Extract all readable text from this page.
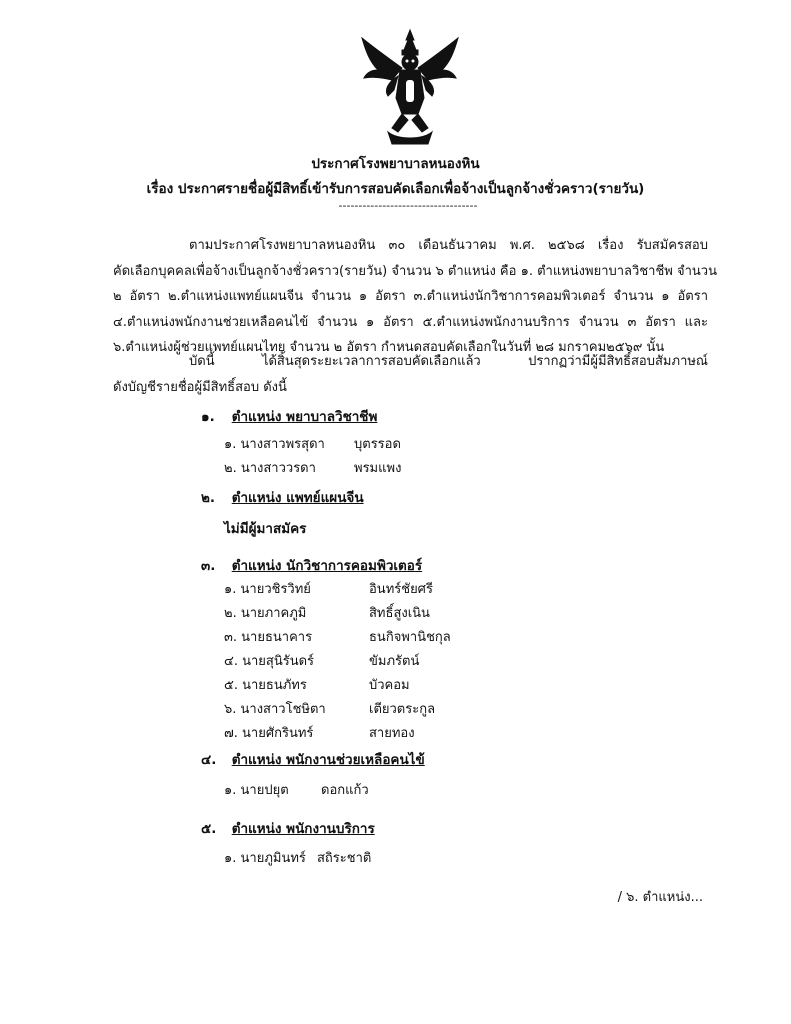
ประกาศโรงพยาบาลหนองหิน
เรื่อง ประกาศรายชื่อผู้มีสิทธิ์เข้ารับการสอบคัดเลือกเพื่อจ้างเป็นลูกจ้างชั่วคราว(รายวัน)
-----------------------------------
ตามประกาศโรงพยาบาลหนองหิน ๓๐ เดือนธันวาคม พ.ศ. ๒๕๖๘ เรื่อง รับสมัครสอบ
คัดเลือกบุคคลเพื่อจ้างเป็นลูกจ้างชั่วคราว(รายวัน) จำนวน ๖ ตำแหน่ง คือ ๑. ตำแหน่งพยาบาลวิชาชีพ จำนวน
๒ อัตรา ๒.ตำแหน่งแพทย์แผนจีน จำนวน ๑ อัตรา ๓.ตำแหน่งนักวิชาการคอมพิวเตอร์ จำนวน ๑ อัตรา
๔.ตำแหน่งพนักงานช่วยเหลือคนไข้ จำนวน ๑ อัตรา ๕.ตำแหน่งพนักงานบริการ จำนวน ๓ อัตรา และ
๖.ตำแหน่งผู้ช่วยแพทย์แผนไทย จำนวน ๒ อัตรา กำหนดสอบคัดเลือกในวันที่ ๒๘ มกราคม๒๕๖๙ นั้น
บัดนี้ ได้สิ้นสุดระยะเวลาการสอบคัดเลือกแล้ว ปรากฏว่ามีผู้มีสิทธิ์สอบสัมภาษณ์
ดังบัญชีรายชื่อผู้มีสิทธิ์สอบ ดังนี้
๑. ตำแหน่ง พยาบาลวิชาชีพ
๑. นางสาวพรสุดา บุตรรอด
๒. นางสาววรดา	พรมแพง
๒. ตำแหน่ง แพทย์แผนจีน
ไม่มีผู้มาสมัคร
๓. ตำแหน่ง นักวิชาการคอมพิวเตอร์
๑. นายวชิรวิทย์	อินทร์ชัยศรี
๒. นายภาคภูมิ	สิทธิ์สูงเนิน
๓. นายธนาคาร	ธนกิจพานิชกุล
๔. นายสุนิรันดร์	ขัมภรัตน์
๕. นายธนภัทร	บัวคอม
๖. นางสาวโชษิตา	เตียวตระกูล
๗. นายศักรินทร์	สายทอง
๔. ตำแหน่ง พนักงานช่วยเหลือคนไข้
๑. นายปยุต ดอกแก้ว
๕. ตำแหน่ง พนักงานบริการ
๑. นายภูมินทร์ สถิระชาติ
/ ๖. ตำแหน่ง...
